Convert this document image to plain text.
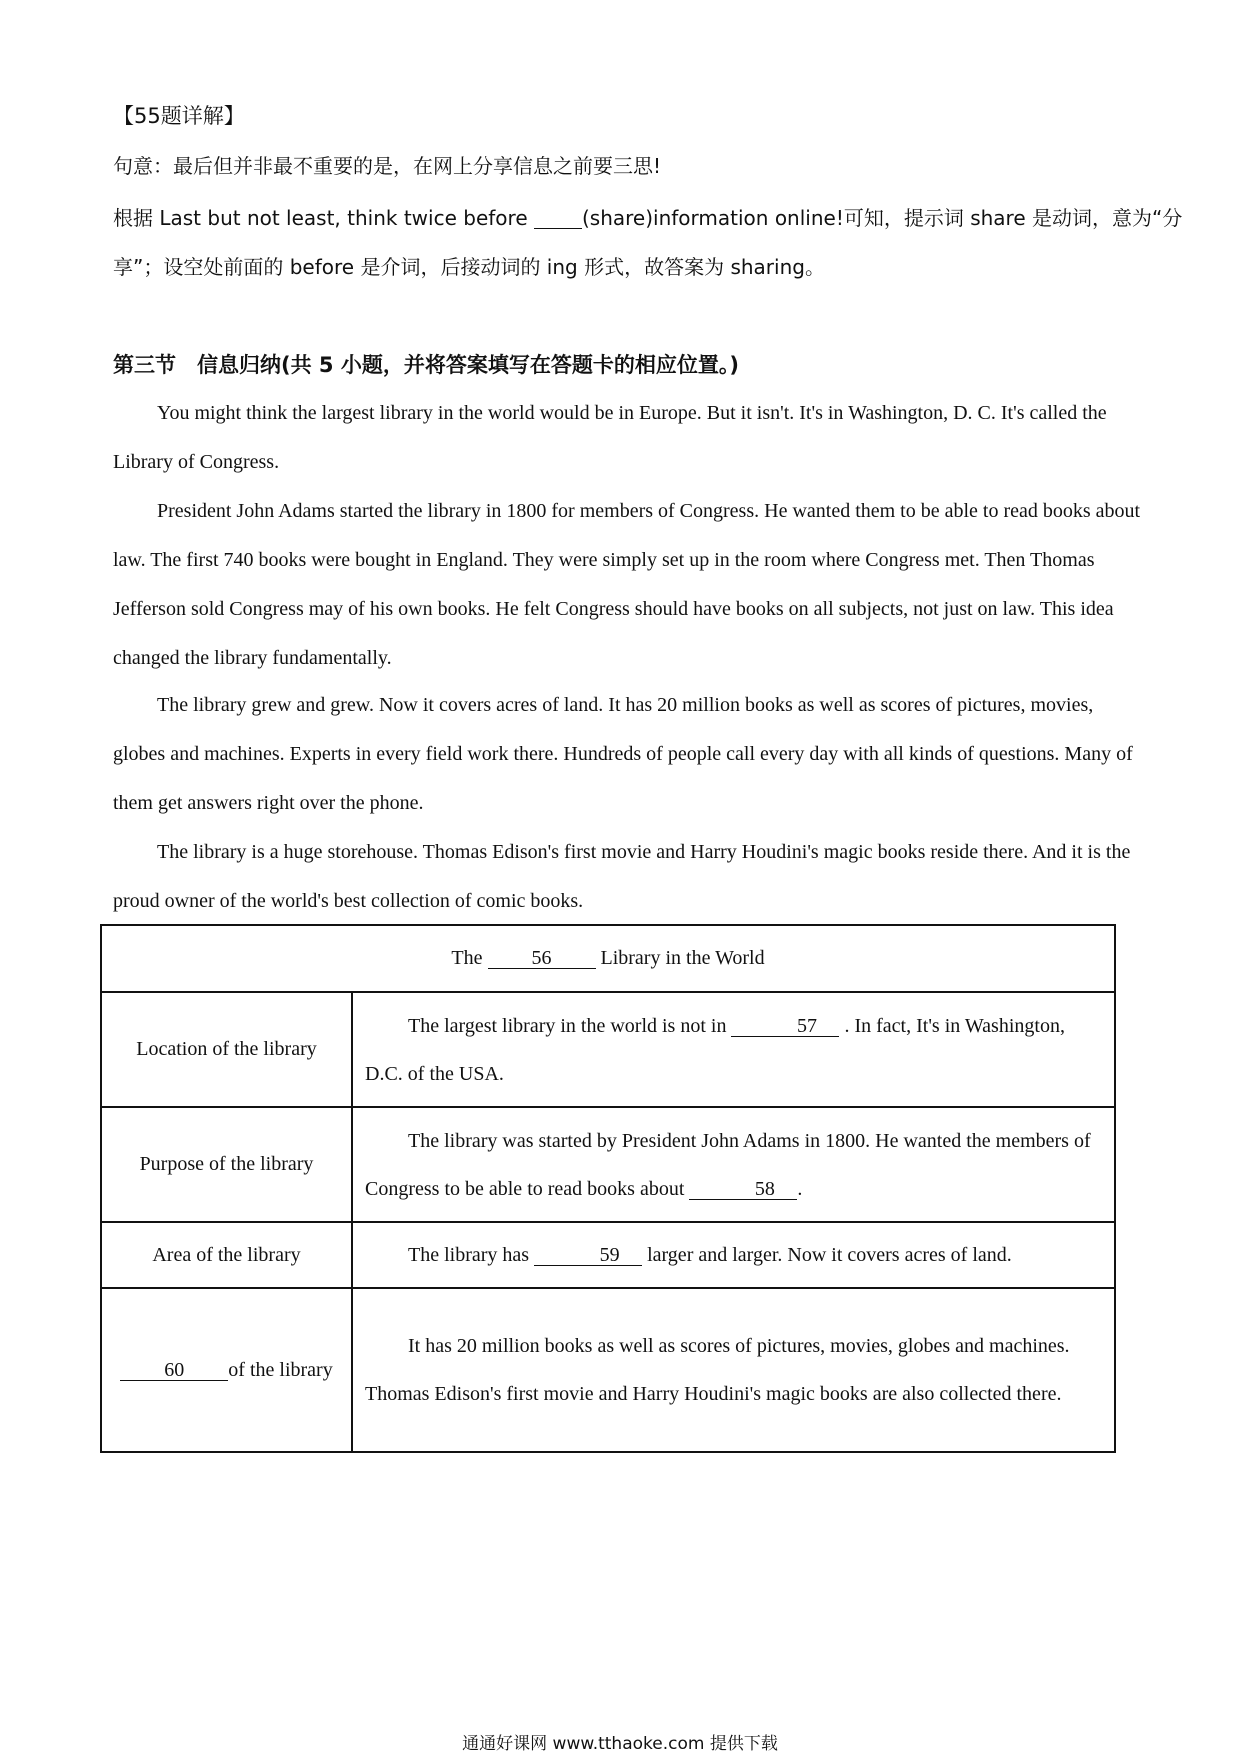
【55题详解】
句意：最后但并非最不重要的是，在网上分享信息之前要三思!
根据 Last but not least, think twice before  (share)information online!可知，提示词 share 是动词，意为“分
享”；设空处前面的 before 是介词，后接动词的 ing 形式，故答案为 sharing。
第三节　信息归纳(共 5 小题，并将答案填写在答题卡的相应位置。)
You might think the largest library in the world would be in Europe. But it isn't. It's in Washington, D. C. It's called the Library of Congress.
President John Adams started the library in 1800 for members of Congress. He wanted them to be able to read books about law. The first 740 books were bought in England. They were simply set up in the room where Congress met. Then Thomas Jefferson sold Congress may of his own books. He felt Congress should have books on all subjects, not just on law. This idea changed the library fundamentally.
The library grew and grew. Now it covers acres of land. It has 20 million books as well as scores of pictures, movies, globes and machines. Experts in every field work there. Hundreds of people call every day with all kinds of questions. Many of them get answers right over the phone.
The library is a huge storehouse. Thomas Edison's first movie and Harry Houdini's magic books reside there. And it is the proud owner of the world's best collection of comic books.
The 56 Library in the World	
Location of the library	The largest library in the world is not in 57 . In fact, It's in Washington, D.C. of the USA.

Purpose of the library	The library was started by President John Adams in 1800. He wanted the members of Congress to be able to read books about 58 .

Area of the library	The library has 59 larger and larger. Now it covers acres of land.

60 of the library	It has 20 million books as well as scores of pictures, movies, globes and machines. Thomas Edison's first movie and Harry Houdini's magic books are also collected there.
通通好课网 www.tthaoke.com 提供下载
